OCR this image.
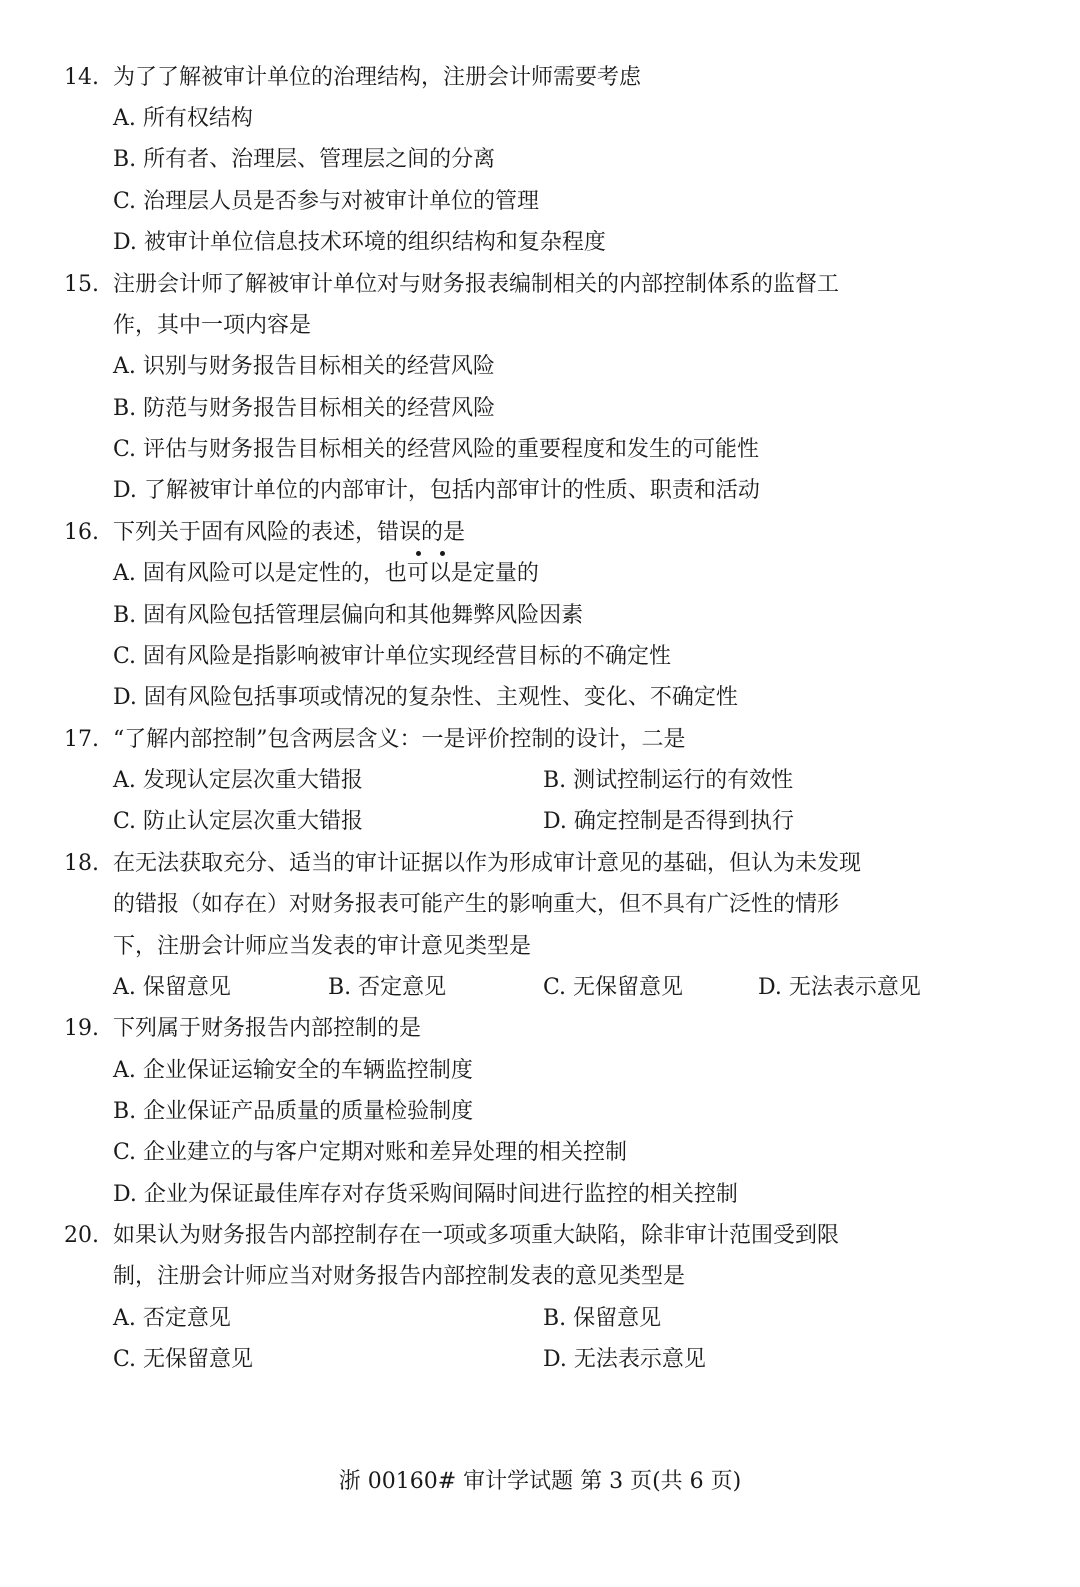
14. 为了了解被审计单位的治理结构，注册会计师需要考虑
A. 所有权结构
B. 所有者、治理层、管理层之间的分离
C. 治理层人员是否参与对被审计单位的管理
D. 被审计单位信息技术环境的组织结构和复杂程度
15. 注册会计师了解被审计单位对与财务报表编制相关的内部控制体系的监督工
作，其中一项内容是
A. 识别与财务报告目标相关的经营风险
B. 防范与财务报告目标相关的经营风险
C. 评估与财务报告目标相关的经营风险的重要程度和发生的可能性
D. 了解被审计单位的内部审计，包括内部审计的性质、职责和活动
16. 下列关于固有风险的表述，错误的是
A. 固有风险可以是定性的，也可以是定量的
B. 固有风险包括管理层偏向和其他舞弊风险因素
C. 固有风险是指影响被审计单位实现经营目标的不确定性
D. 固有风险包括事项或情况的复杂性、主观性、变化、不确定性
17. “了解内部控制”包含两层含义：一是评价控制的设计，二是
A. 发现认定层次重大错报	B. 测试控制运行的有效性
C. 防止认定层次重大错报	D. 确定控制是否得到执行
18. 在无法获取充分、适当的审计证据以作为形成审计意见的基础，但认为未发现
的错报（如存在）对财务报表可能产生的影响重大，但不具有广泛性的情形
下，注册会计师应当发表的审计意见类型是
A. 保留意见	B. 否定意见	C. 无保留意见	D. 无法表示意见
19. 下列属于财务报告内部控制的是
A. 企业保证运输安全的车辆监控制度
B. 企业保证产品质量的质量检验制度
C. 企业建立的与客户定期对账和差异处理的相关控制
D. 企业为保证最佳库存对存货采购间隔时间进行监控的相关控制
20. 如果认为财务报告内部控制存在一项或多项重大缺陷，除非审计范围受到限
制，注册会计师应当对财务报告内部控制发表的意见类型是
A. 否定意见	B. 保留意见
C. 无保留意见	D. 无法表示意见
浙 00160# 审计学试题 第 3 页(共 6 页)
